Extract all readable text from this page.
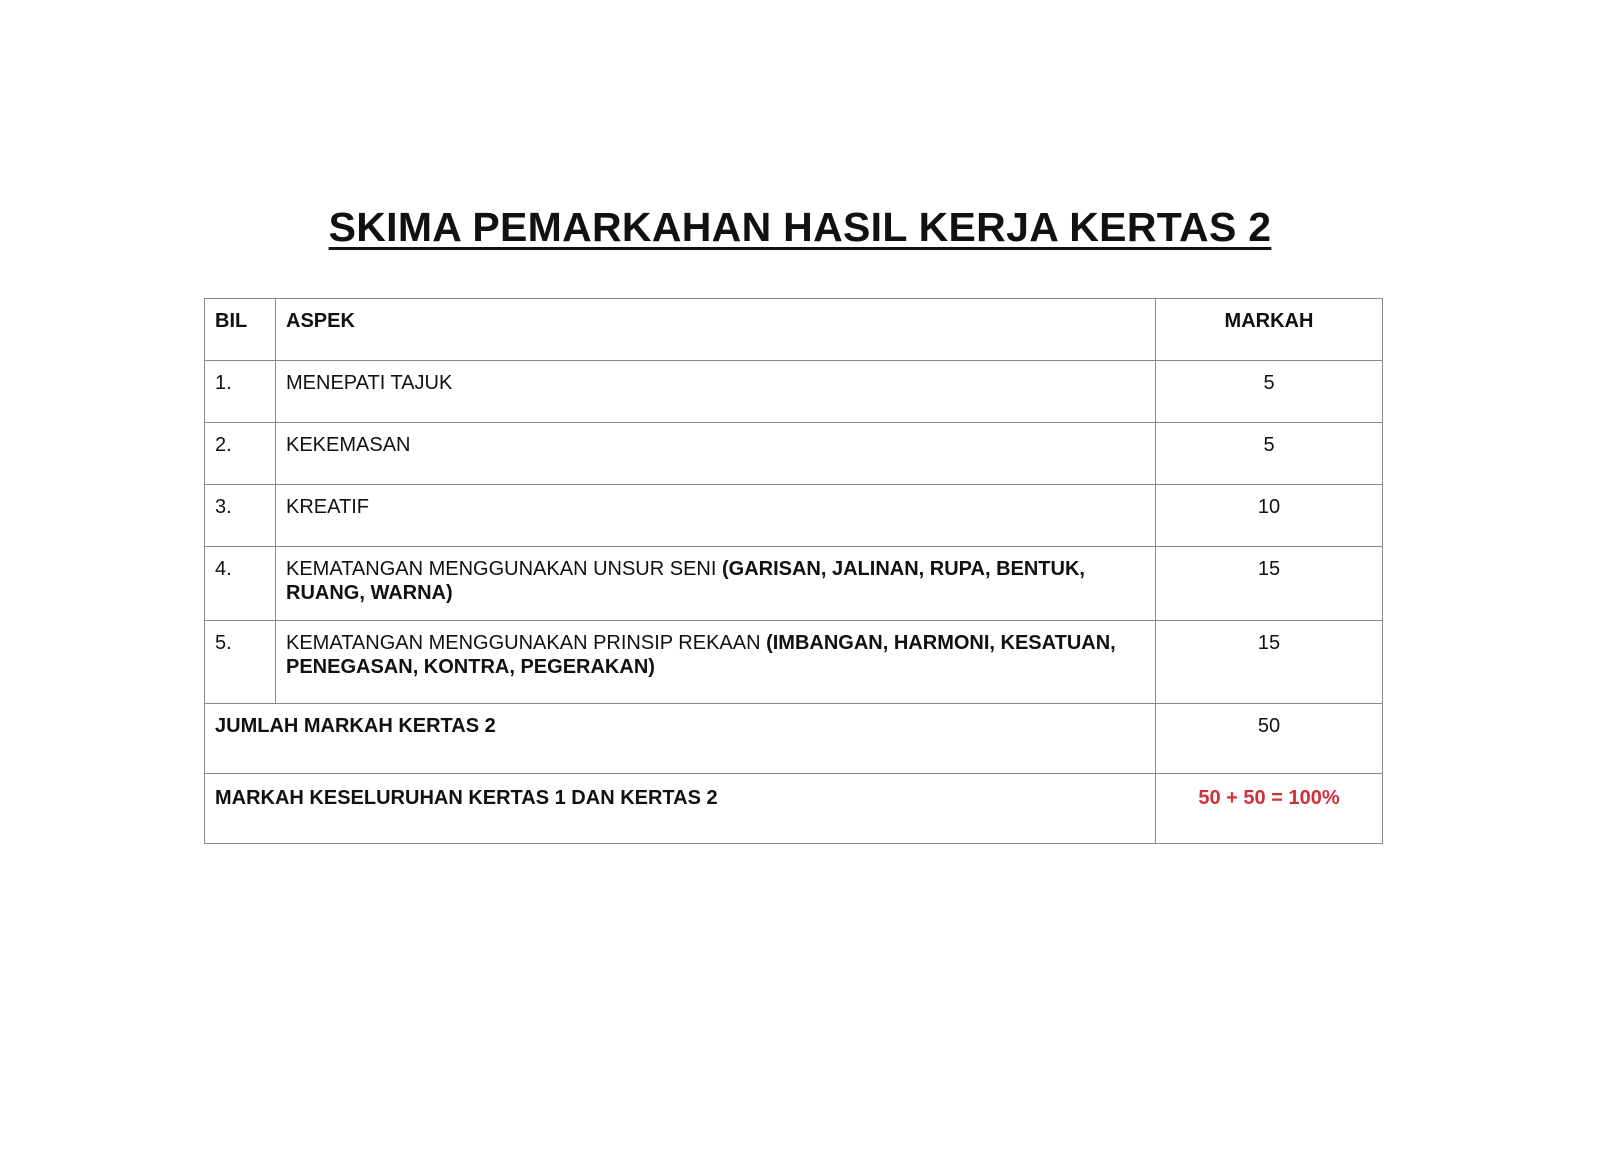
SKIMA PEMARKAHAN HASIL KERJA KERTAS 2
BIL	ASPEK	MARKAH
1.	MENEPATI TAJUK	5
2.	KEKEMASAN	5
3.	KREATIF	10
4.	KEMATANGAN MENGGUNAKAN UNSUR SENI (GARISAN, JALINAN, RUPA, BENTUK, RUANG, WARNA)	15
5.	KEMATANGAN MENGGUNAKAN PRINSIP REKAAN (IMBANGAN, HARMONI, KESATUAN, PENEGASAN, KONTRA, PEGERAKAN)	15
JUMLAH MARKAH KERTAS 2		50
MARKAH KESELURUHAN KERTAS 1 DAN KERTAS 2		50 + 50 = 100%
